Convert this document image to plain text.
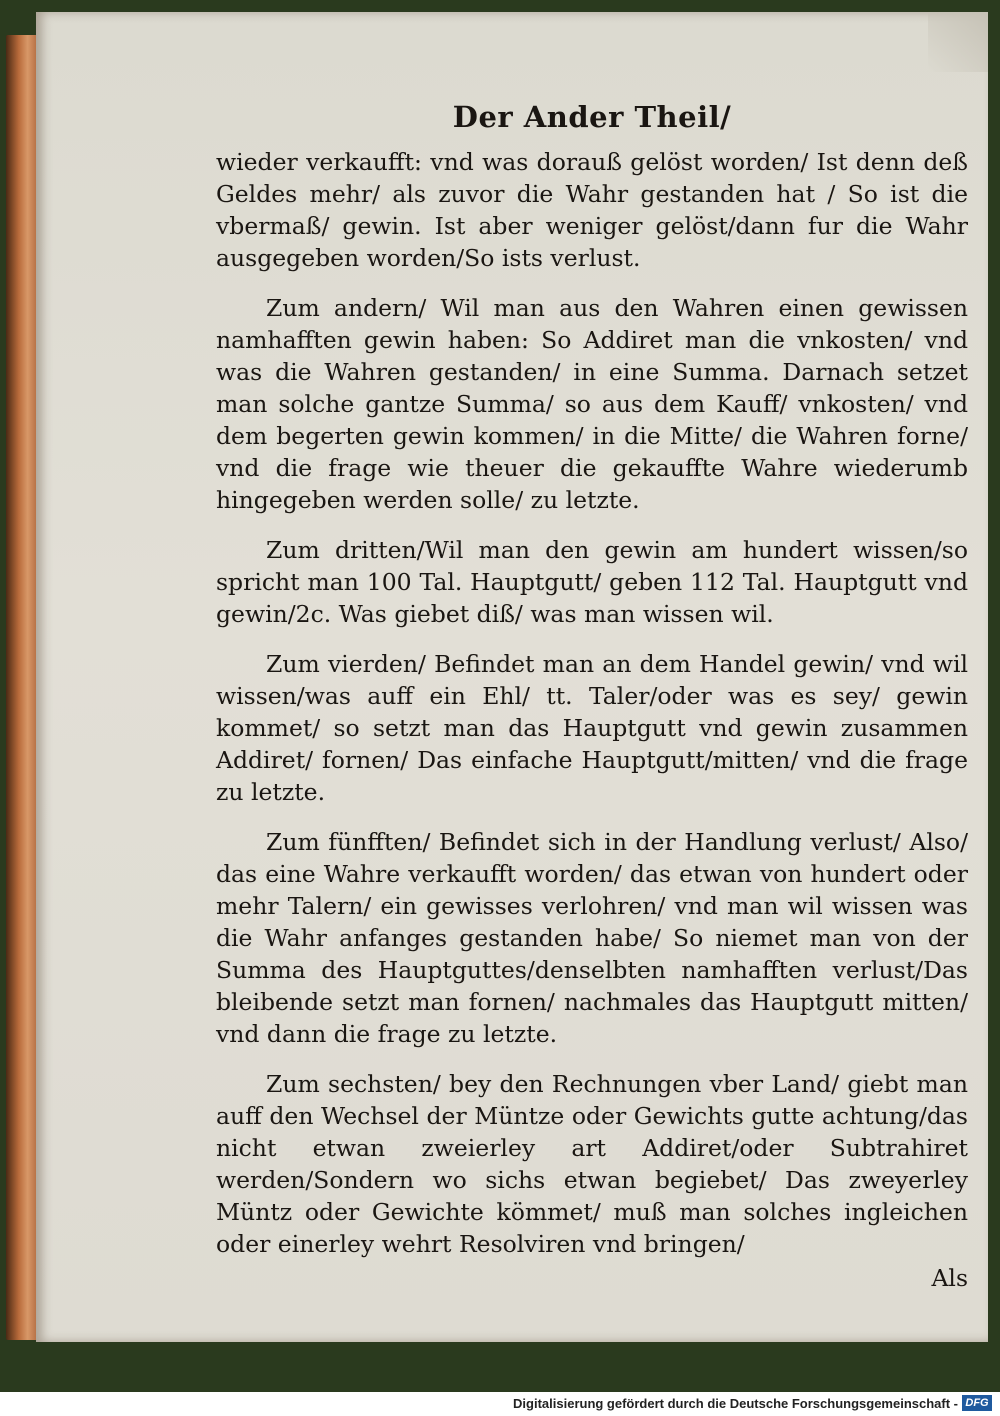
Der Ander Theil/

wieder verkaufft: vnd was dorauß gelöst worden/ Ist denn deß Geldes mehr/ als zuvor die Wahr gestanden hat / So ist die vbermaß/ gewin. Ist aber weniger gelöst/dann fur die Wahr ausgegeben worden/So ists verlust.

Zum andern/ Wil man aus den Wahren einen gewissen namhafften gewin haben: So Addiret man die vnkosten/ vnd was die Wahren gestanden/ in eine Summa. Darnach setzet man solche gantze Summa/ so aus dem Kauff/ vnkosten/ vnd dem begerten gewin kommen/ in die Mitte/ die Wahren forne/ vnd die frage wie theuer die gekauffte Wahre wiederumb hingegeben werden solle/ zu letzte.

Zum dritten/Wil man den gewin am hundert wissen/so spricht man 100 Tal. Hauptgutt/ geben 112 Tal. Hauptgutt vnd gewin/2c. Was giebet diß/ was man wissen wil.

Zum vierden/ Befindet man an dem Handel gewin/ vnd wil wissen/was auff ein Ehl/ tt. Taler/oder was es sey/ gewin kommet/ so setzt man das Hauptgutt vnd gewin zusammen Addiret/ fornen/ Das einfache Hauptgutt/mitten/ vnd die frage zu letzte.

Zum fünfften/ Befindet sich in der Handlung verlust/ Also/ das eine Wahre verkaufft worden/ das etwan von hundert oder mehr Talern/ ein gewisses verlohren/ vnd man wil wissen was die Wahr anfanges gestanden habe/ So niemet man von der Summa des Hauptguttes/denselbten namhafften verlust/Das bleibende setzt man fornen/ nachmales das Hauptgutt mitten/ vnd dann die frage zu letzte.

Zum sechsten/ bey den Rechnungen vber Land/ giebt man auff den Wechsel der Müntze oder Gewichts gutte achtung/das nicht etwan zweierley art Addiret/oder Subtrahiret werden/Sondern wo sichs etwan begiebet/ Das zweyerley Müntz oder Gewichte kömmet/ muß man solches ingleichen oder einerley wehrt Resolviren vnd bringen/

Als
Digitalisierung gefördert durch die Deutsche Forschungsgemeinschaft - DFG
